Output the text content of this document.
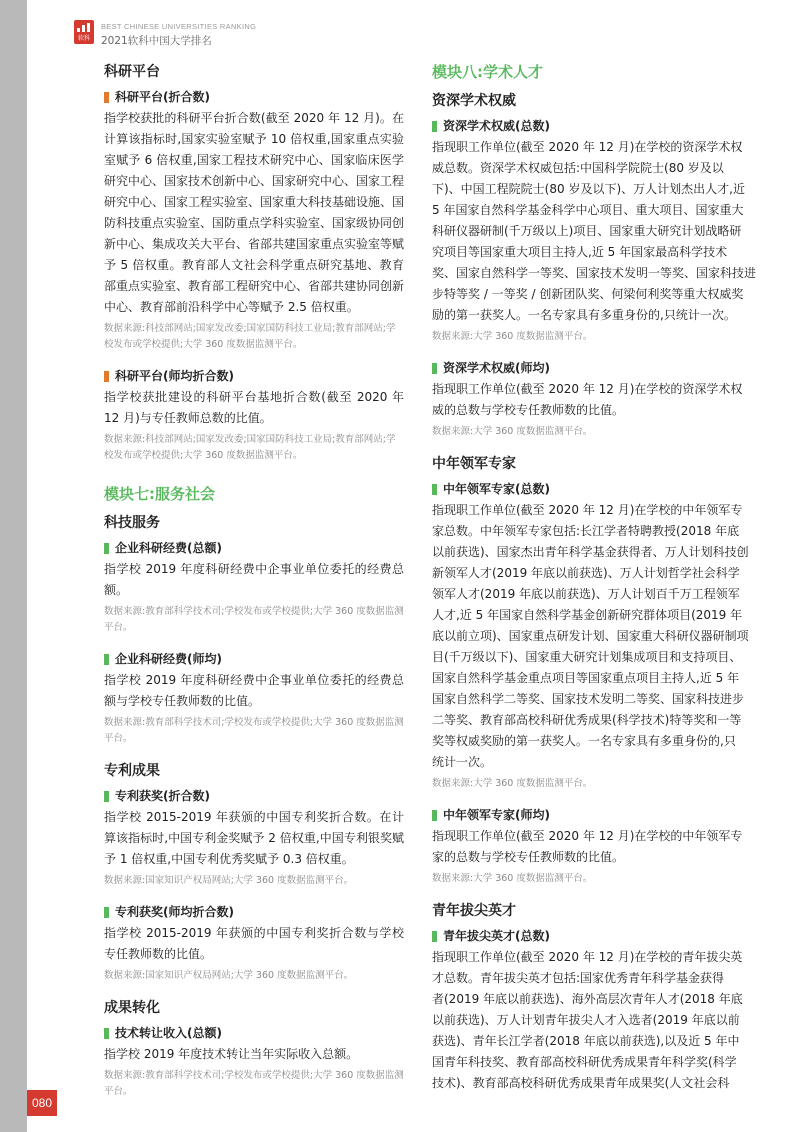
080
软科
BEST CHINESE UNIVERSITIES RANKING
2021软科中国大学排名
科研平台
科研平台(折合数)

指学校获批的科研平台折合数(截至 2020 年 12 月)。在计算该指标时,国家实验室赋予 10 倍权重,国家重点实验室赋予 6 倍权重,国家工程技术研究中心、国家临床医学研究中心、国家技术创新中心、国家研究中心、国家工程研究中心、国家工程实验室、国家重大科技基础设施、国防科技重点实验室、国防重点学科实验室、国家级协同创新中心、集成攻关大平台、省部共建国家重点实验室等赋予 5 倍权重。教育部人文社会科学重点研究基地、教育部重点实验室、教育部工程研究中心、省部共建协同创新中心、教育部前沿科学中心等赋予 2.5 倍权重。

数据来源:科技部网站;国家发改委;国家国防科技工业局;教育部网站;学校发布或学校提供;大学 360 度数据监测平台。

科研平台(师均折合数)

指学校获批建设的科研平台基地折合数(截至 2020 年 12 月)与专任教师总数的比值。

数据来源:科技部网站;国家发改委;国家国防科技工业局;教育部网站;学校发布或学校提供;大学 360 度数据监测平台。

模块七:服务社会
科技服务
企业科研经费(总额)

指学校 2019 年度科研经费中企事业单位委托的经费总额。

数据来源:教育部科学技术司;学校发布或学校提供;大学 360 度数据监测平台。

企业科研经费(师均)

指学校 2019 年度科研经费中企事业单位委托的经费总额与学校专任教师数的比值。

数据来源:教育部科学技术司;学校发布或学校提供;大学 360 度数据监测平台。

专利成果
专利获奖(折合数)

指学校 2015-2019 年获颁的中国专利奖折合数。在计算该指标时,中国专利金奖赋予 2 倍权重,中国专利银奖赋予 1 倍权重,中国专利优秀奖赋予 0.3 倍权重。

数据来源:国家知识产权局网站;大学 360 度数据监测平台。

专利获奖(师均折合数)

指学校 2015-2019 年获颁的中国专利奖折合数与学校专任教师数的比值。

数据来源:国家知识产权局网站;大学 360 度数据监测平台。

成果转化
技术转让收入(总额)

指学校 2019 年度技术转让当年实际收入总额。

数据来源:教育部科学技术司;学校发布或学校提供;大学 360 度数据监测平台。

模块八:学术人才
资深学术权威
资深学术权威(总数)

指现职工作单位(截至 2020 年 12 月)在学校的资深学术权

威总数。资深学术权威包括:中国科学院院士(80 岁及以

下)、中国工程院院士(80 岁及以下)、万人计划杰出人才,近

5 年国家自然科学基金科学中心项目、重大项目、国家重大

科研仪器研制(千万级以上)项目、国家重大研究计划战略研

究项目等国家重大项目主持人,近 5 年国家最高科学技术

奖、国家自然科学一等奖、国家技术发明一等奖、国家科技进

步特等奖 / 一等奖 / 创新团队奖、何梁何利奖等重大权威奖

励的第一获奖人。一名专家具有多重身份的,只统计一次。

数据来源:大学 360 度数据监测平台。

资深学术权威(师均)

指现职工作单位(截至 2020 年 12 月)在学校的资深学术权

威的总数与学校专任教师数的比值。

数据来源:大学 360 度数据监测平台。

中年领军专家
中年领军专家(总数)

指现职工作单位(截至 2020 年 12 月)在学校的中年领军专

家总数。中年领军专家包括:长江学者特聘教授(2018 年底

以前获选)、国家杰出青年科学基金获得者、万人计划科技创

新领军人才(2019 年底以前获选)、万人计划哲学社会科学

领军人才(2019 年底以前获选)、万人计划百千万工程领军

人才,近 5 年国家自然科学基金创新研究群体项目(2019 年

底以前立项)、国家重点研发计划、国家重大科研仪器研制项

目(千万级以下)、国家重大研究计划集成项目和支持项目、

国家自然科学基金重点项目等国家重点项目主持人,近 5 年

国家自然科学二等奖、国家技术发明二等奖、国家科技进步

二等奖、教育部高校科研优秀成果(科学技术)特等奖和一等

奖等权威奖励的第一获奖人。一名专家具有多重身份的,只

统计一次。

数据来源:大学 360 度数据监测平台。

中年领军专家(师均)

指现职工作单位(截至 2020 年 12 月)在学校的中年领军专

家的总数与学校专任教师数的比值。

数据来源:大学 360 度数据监测平台。

青年拔尖英才
青年拔尖英才(总数)

指现职工作单位(截至 2020 年 12 月)在学校的青年拔尖英

才总数。青年拔尖英才包括:国家优秀青年科学基金获得

者(2019 年底以前获选)、海外高层次青年人才(2018 年底

以前获选)、万人计划青年拔尖人才入选者(2019 年底以前

获选)、青年长江学者(2018 年底以前获选),以及近 5 年中

国青年科技奖、教育部高校科研优秀成果青年科学奖(科学

技术)、教育部高校科研优秀成果青年成果奖(人文社会科
